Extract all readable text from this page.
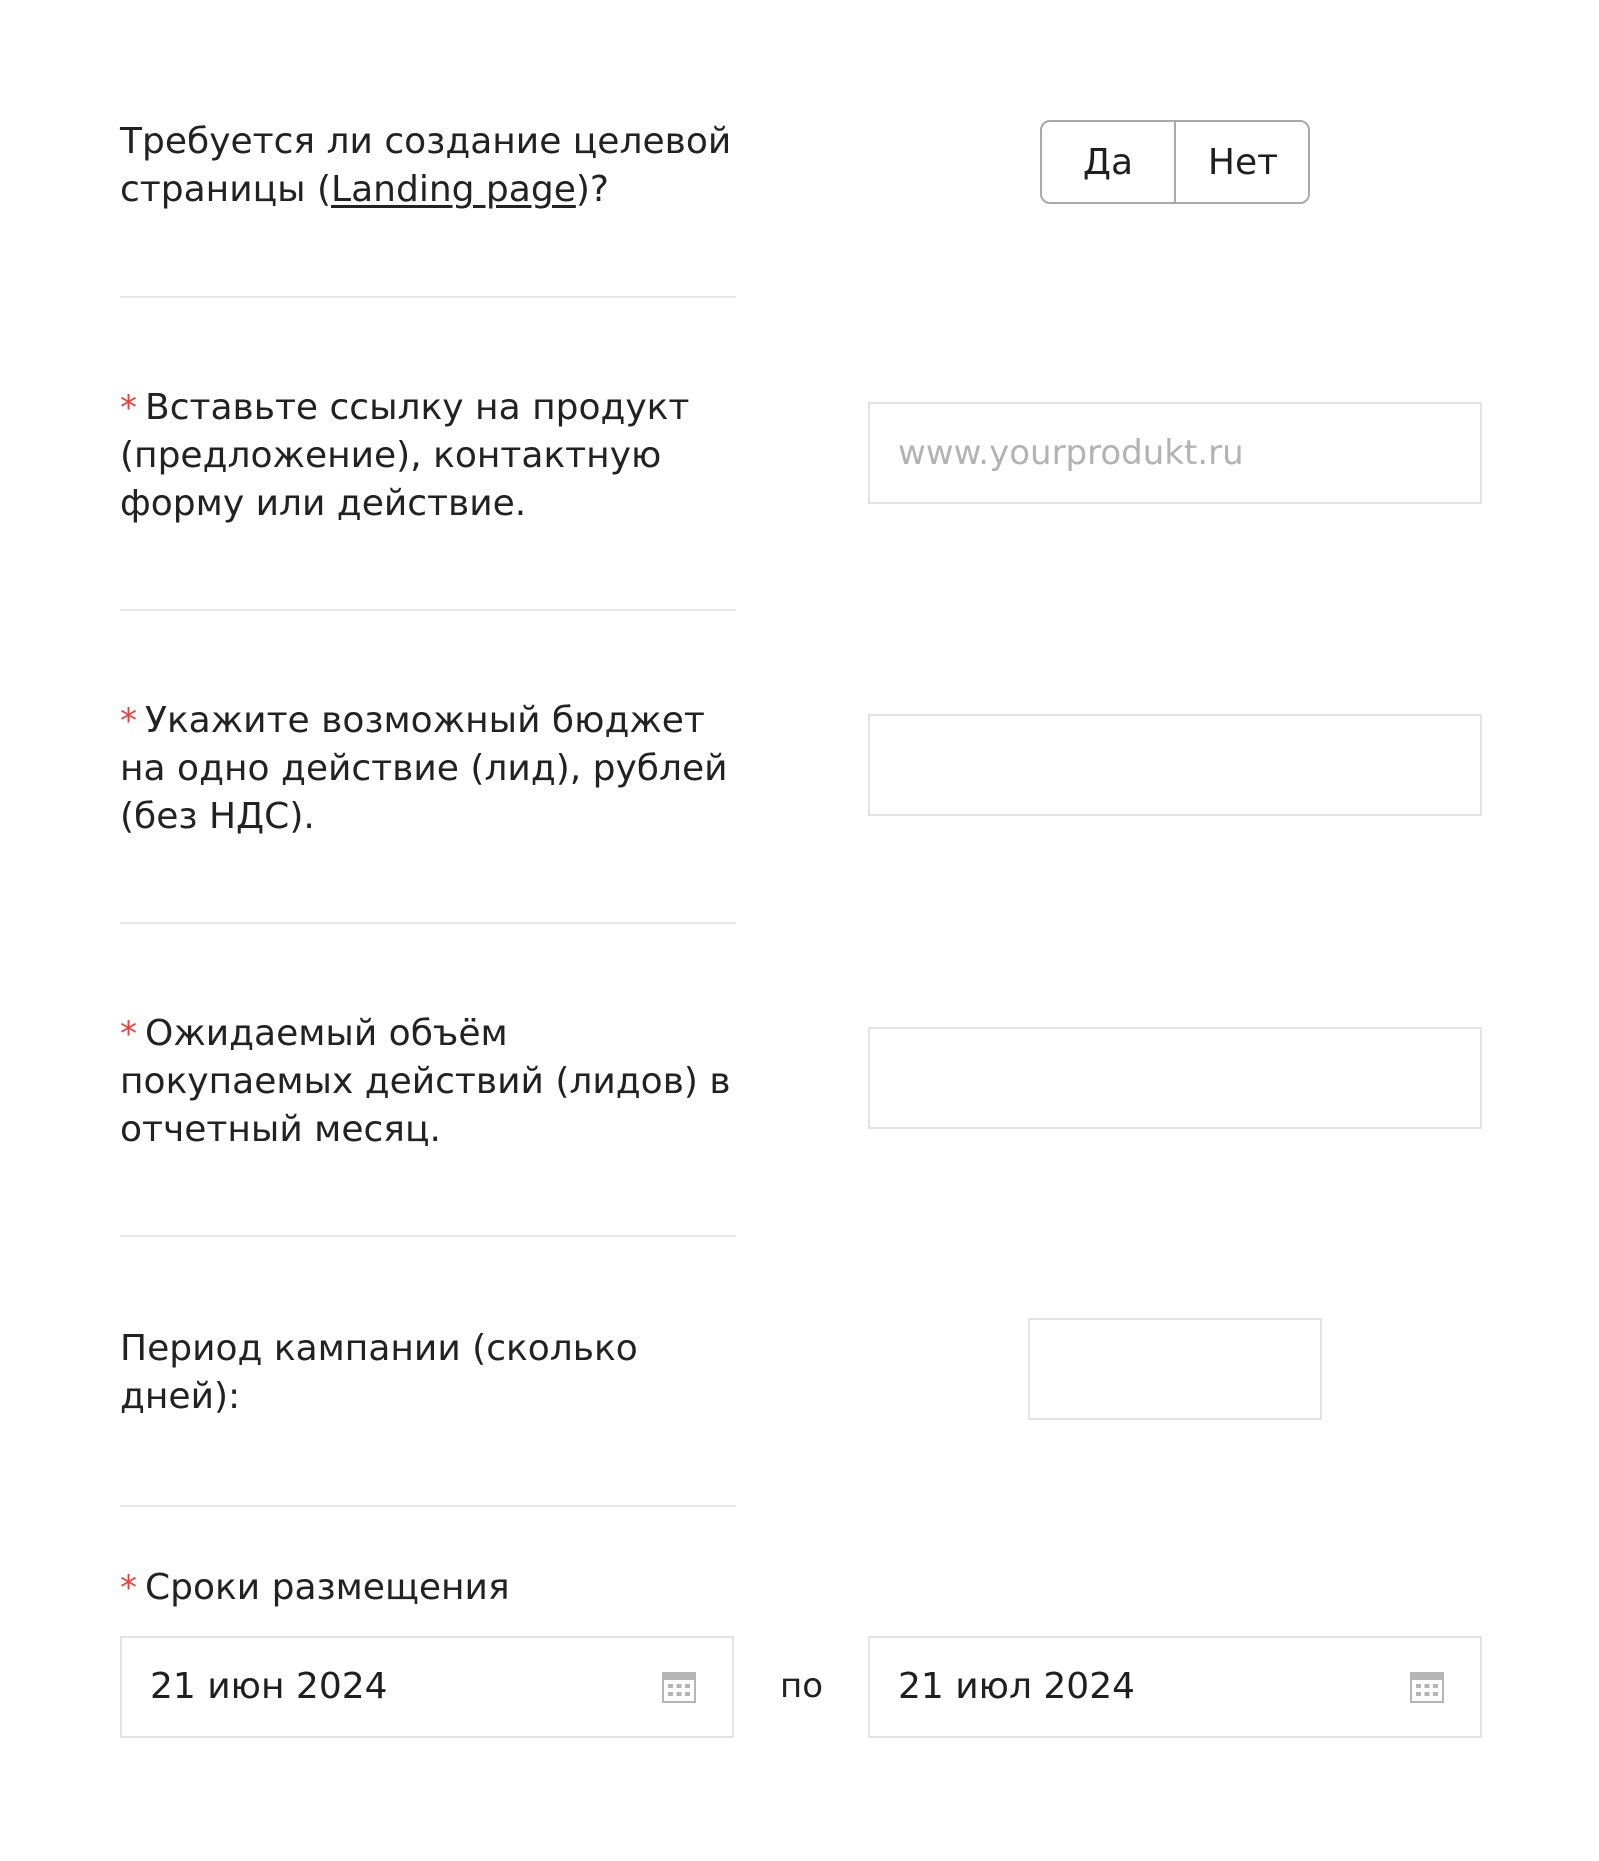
Требуется ли создание целевой страницы (Landing page)?
Да	Нет
* Вставьте ссылку на продукт (предложение), контактную форму или действие.
www.yourprodukt.ru
* Укажите возможный бюджет на одно действие (лид), рублей (без НДС).
* Ожидаемый объём покупаемых действий (лидов) в отчетный месяц.
Период кампании (сколько дней):
* Сроки размещения
21 июн 2024	по 21 июл 2024
